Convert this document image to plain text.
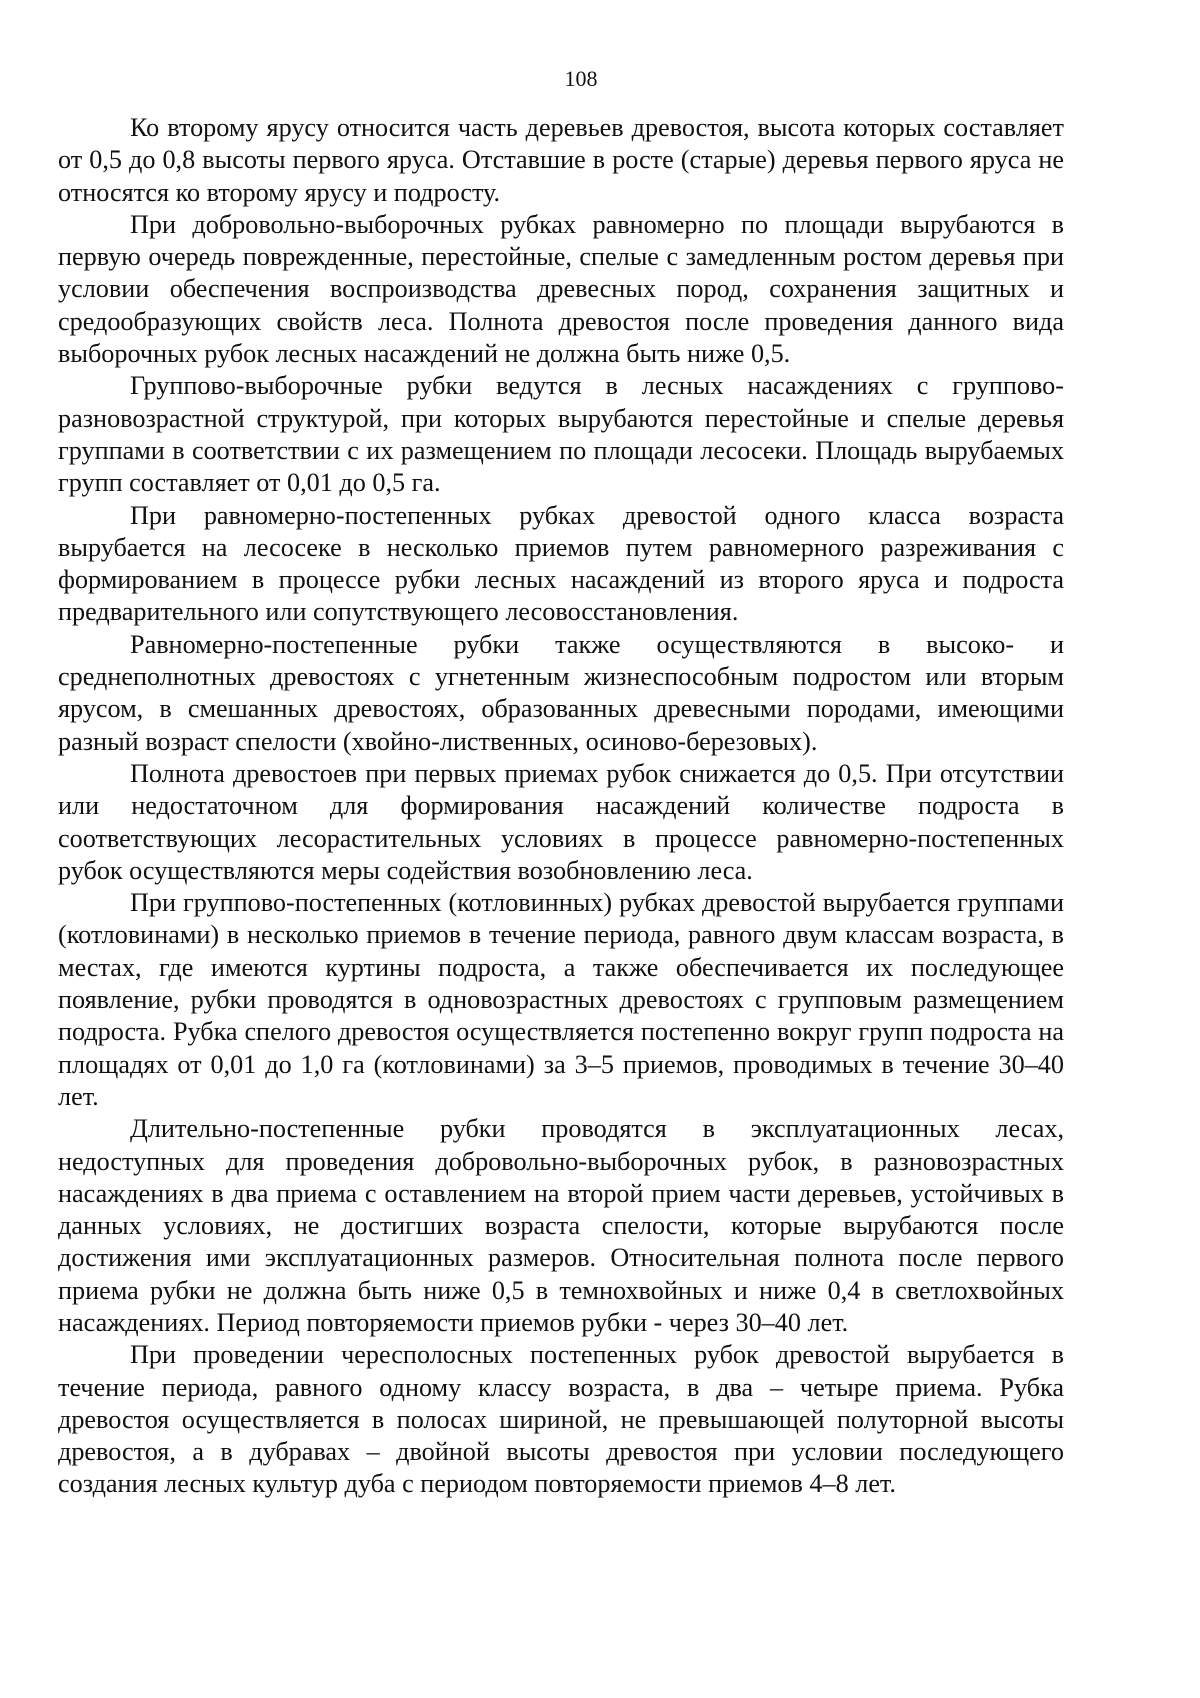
108

Ко второму ярусу относится часть деревьев древостоя, высота которых составляет от 0,5 до 0,8 высоты первого яруса. Отставшие в росте (старые) деревья первого яруса не относятся ко второму ярусу и подросту.

При добровольно-выборочных рубках равномерно по площади вырубаются в первую очередь поврежденные, перестойные, спелые с замедленным ростом деревья при условии обеспечения воспроизводства древесных пород, сохранения защитных и средообразующих свойств леса. Полнота древостоя после проведения данного вида выборочных рубок лесных насаждений не должна быть ниже 0,5.

Группово-выборочные рубки ведутся в лесных насаждениях с группово-разновозрастной структурой, при которых вырубаются перестойные и спелые деревья группами в соответствии с их размещением по площади лесосеки. Площадь вырубаемых групп составляет от 0,01 до 0,5 га.

При равномерно-постепенных рубках древостой одного класса возраста вырубается на лесосеке в несколько приемов путем равномерного разреживания с формированием в процессе рубки лесных насаждений из второго яруса и подроста предварительного или сопутствующего лесовосстановления.

Равномерно-постепенные рубки также осуществляются в высоко- и среднеполнотных древостоях с угнетенным жизнеспособным подростом или вторым ярусом, в смешанных древостоях, образованных древесными породами, имеющими разный возраст спелости (хвойно-лиственных, осиново-березовых).

Полнота древостоев при первых приемах рубок снижается до 0,5. При отсутствии или недостаточном для формирования насаждений количестве подроста в соответствующих лесорастительных условиях в процессе равномерно-постепенных рубок осуществляются меры содействия возобновлению леса.

При группово-постепенных (котловинных) рубках древостой вырубается группами (котловинами) в несколько приемов в течение периода, равного двум классам возраста, в местах, где имеются куртины подроста, а также обеспечивается их последующее появление, рубки проводятся в одновозрастных древостоях с групповым размещением подроста. Рубка спелого древостоя осуществляется постепенно вокруг групп подроста на площадях от 0,01 до 1,0 га (котловинами) за 3–5 приемов, проводимых в течение 30–40 лет.

Длительно-постепенные рубки проводятся в эксплуатационных лесах, недоступных для проведения добровольно-выборочных рубок, в разновозрастных насаждениях в два приема с оставлением на второй прием части деревьев, устойчивых в данных условиях, не достигших возраста спелости, которые вырубаются после достижения ими эксплуатационных размеров. Относительная полнота после первого приема рубки не должна быть ниже 0,5 в темнохвойных и ниже 0,4 в светлохвойных насаждениях. Период повторяемости приемов рубки - через 30–40 лет.

При проведении чересполосных постепенных рубок древостой вырубается в течение периода, равного одному классу возраста, в два – четыре приема. Рубка древостоя осуществляется в полосах шириной, не превышающей полуторной высоты древостоя, а в дубравах – двойной высоты древостоя при условии последующего создания лесных культур дуба с периодом повторяемости приемов 4–8 лет.
